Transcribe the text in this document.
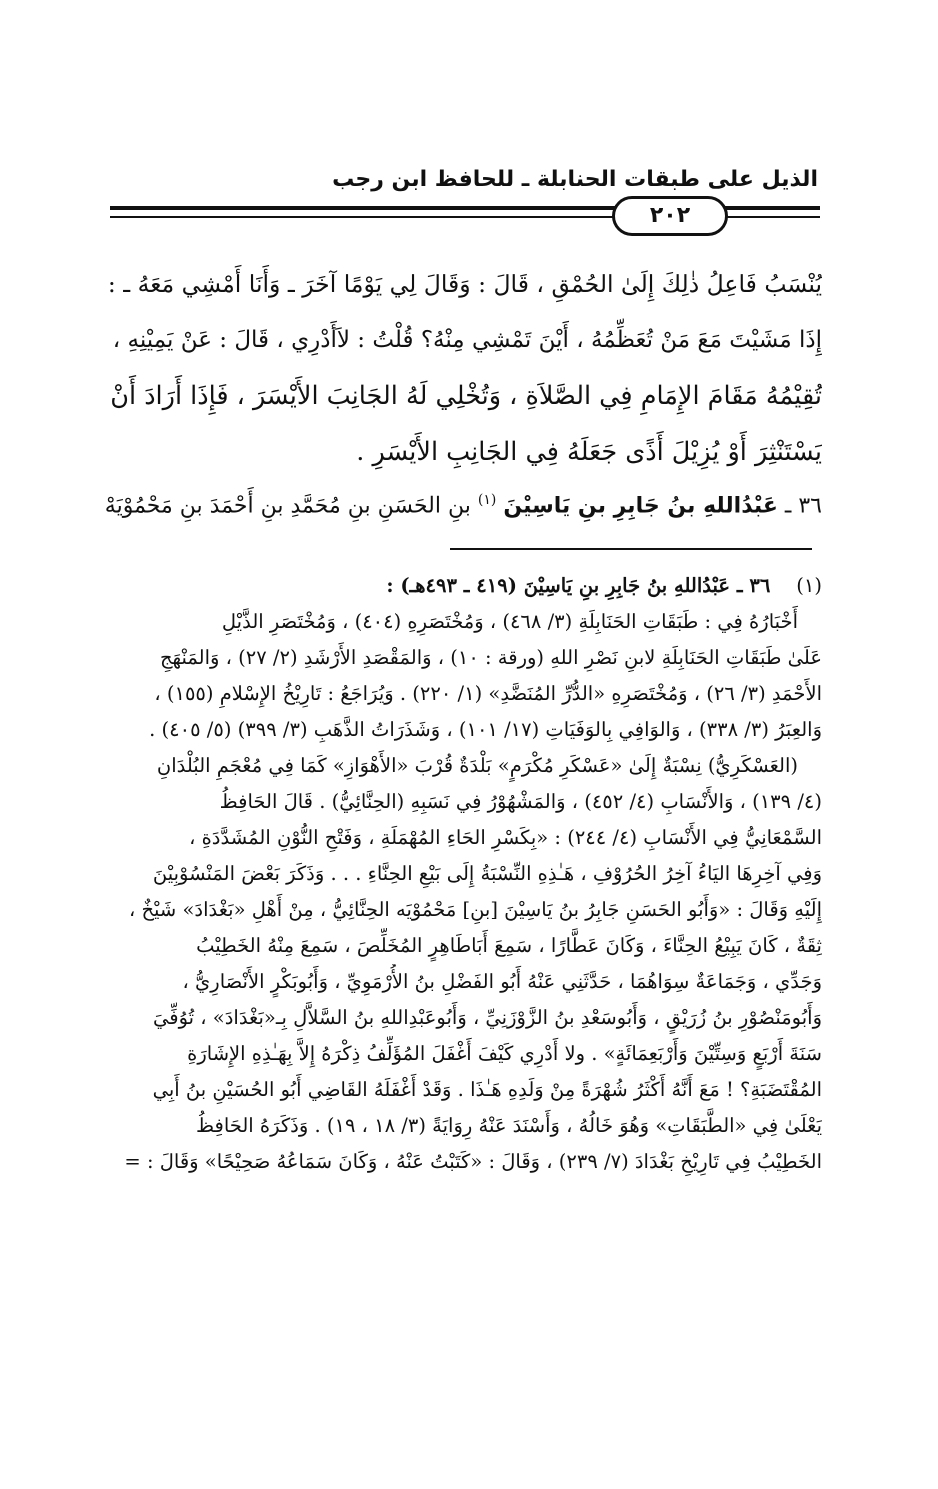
الذيل على طبقات الحنابلة ـ للحافظ ابن رجب
٢٠٢
يُنْسَبُ فَاعِلُ ذٰلِكَ إِلَىٰ الحُمْقِ ، قَالَ : وَقَالَ لِي يَوْمًا آخَرَ ـ وَأَنَا أَمْشِي مَعَهُ ـ :
إِذَا مَشَيْتَ مَعَ مَنْ تُعَظِّمُهُ ، أَيْنَ تَمْشِي مِنْهُ؟ قُلْتُ : لاَأَدْرِي ، قَالَ : عَنْ يَمِيْنِهِ ،
تُقِيْمُهُ مَقَامَ الإِمَامِ فِي الصَّلاَةِ ، وَتُخْلِي لَهُ الجَانِبَ الأَيْسَرَ ، فَإِذَا أَرَادَ أَنْ
يَسْتَنْثِرَ أَوْ يُزِيْلَ أَذًى جَعَلَهُ فِي الجَانِبِ الأَيْسَرِ .
٣٦ ـ عَبْدُاللهِ بنُ جَابِرِ بنِ يَاسِيْنَ $^{(١)}$ بنِ الحَسَنِ بنِ مُحَمَّدِ بنِ أَحْمَدَ بنِ مَحْمُوْيَهْ
(١)٣٦ ـ عَبْدُاللهِ بنُ جَابِرِ بنِ يَاسِيْنَ (٤١٩ ـ ٤٩٣هـ) :
أَخْبَارُهُ فِي : طَبَقَاتِ الحَنَابِلَةِ (٣/ ٤٦٨) ، وَمُخْتَصَرِهِ (٤٠٤) ، وَمُخْتَصَرِ الذَّيْلِ
عَلَىٰ طَبَقَاتِ الحَنَابِلَةِ لابنِ نَصْرِ اللهِ (ورقة : ١٠) ، وَالمَقْصَدِ الأَرْشَدِ (٢/ ٢٧) ، وَالمَنْهَجِ
الأَحْمَدِ (٣/ ٢٦) ، وَمُخْتَصَرِهِ «الدُّرِّ المُنَضَّدِ» (١/ ٢٢٠) . وَيُرَاجَعُ : تَارِيْخُ الإِسْلامِ (١٥٥) ،
وَالعِبَرُ (٣/ ٣٣٨) ، وَالوَافِي بِالوَفَيَاتِ (١٧/ ١٠١) ، وَشَذَرَاتُ الذَّهَبِ (٣/ ٣٩٩) (٥/ ٤٠٥) .
(العَسْكَرِيُّ) نِسْبَةٌ إِلَىٰ «عَسْكَرِ مُكْرَمٍ» بَلْدَةٌ قُرْبَ «الأَهْوَازِ» كَمَا فِي مُعْجَمِ البُلْدَانِ
(٤/ ١٣٩) ، وَالأَنْسَابِ (٤/ ٤٥٢) ، وَالمَشْهُوْرُ فِي نَسَبِهِ (الحِنَّائِيُّ) . قَالَ الحَافِظُ
السَّمْعَانِيُّ فِي الأَنْسَابِ (٤/ ٢٤٤) : «بِكَسْرِ الحَاءِ المُهْمَلَةِ ، وَفَتْحِ النُّوْنِ المُشَدَّدَةِ ،
وَفِي آخِرِهَا اليَاءُ آخِرُ الحُرُوْفِ ، هَـٰذِهِ النِّسْبَةُ إِلَى بَيْعِ الحِنَّاءِ . . . وَذَكَرَ بَعْضَ المَنْسُوْبِيْنَ
إِلَيْهِ وَقَالَ : «وَأَبُو الحَسَنِ جَابِرُ بنُ يَاسِيْنَ [بنِ] مَحْمُوْيَه الحِنَّائِيُّ ، مِنْ أَهْلِ «بَغْدَادَ» شَيْخٌ ،
ثِقَةٌ ، كَانَ يَبِيْعُ الحِنَّاءَ ، وَكَانَ عَطَّارًا ، سَمِعَ أَبَاطَاهِرٍ المُخَلِّصَ ، سَمِعَ مِنْهُ الخَطِيْبُ
وَجَدِّي ، وَجَمَاعَةٌ سِوَاهُمَا ، حَدَّثَنِي عَنْهُ أَبُو الفَضْلِ بنُ الأُرْمَوِيِّ ، وَأَبُوبَكْرٍ الأَنْصَارِيُّ ،
وَأَبُومَنْصُوْرِ بنُ زُرَيْقٍ ، وَأَبُوسَعْدِ بنُ الزَّوْزَنِيِّ ، وَأَبُوعَبْدِاللهِ بنُ السَّلاَّلِ بِـ«بَغْدَادَ» ، تُوُفِّيَ
سَنَةَ أَرْبَعٍ وَسِتِّيْنَ وَأَرْبَعِمَائَةٍ» . ولا أَدْرِي كَيْفَ أَغْفَلَ المُؤَلِّفُ ذِكْرَهُ إِلاَّ بِهَـٰذِهِ الإِشَارَةِ
المُقْتَضَبَةِ؟ ! مَعَ أَنَّهُ أَكْثَرُ شُهْرَةً مِنْ وَلَدِهِ هَـٰذَا . وَقَدْ أَغْفَلَهُ القَاضِي أَبُو الحُسَيْنِ بنُ أَبِي
يَعْلَىٰ فِي «الطَّبَقَاتِ» وَهُوَ خَالُهُ ، وَأَسْنَدَ عَنْهُ رِوَايَةً (٣/ ١٨ ، ١٩) . وَذَكَرَهُ الحَافِظُ
الخَطِيْبُ فِي تَارِيْخِ بَغْدَادَ (٧/ ٢٣٩) ، وَقَالَ : «كَتَبْتُ عَنْهُ ، وَكَانَ سَمَاعُهُ صَحِيْحًا» وَقَالَ : =
